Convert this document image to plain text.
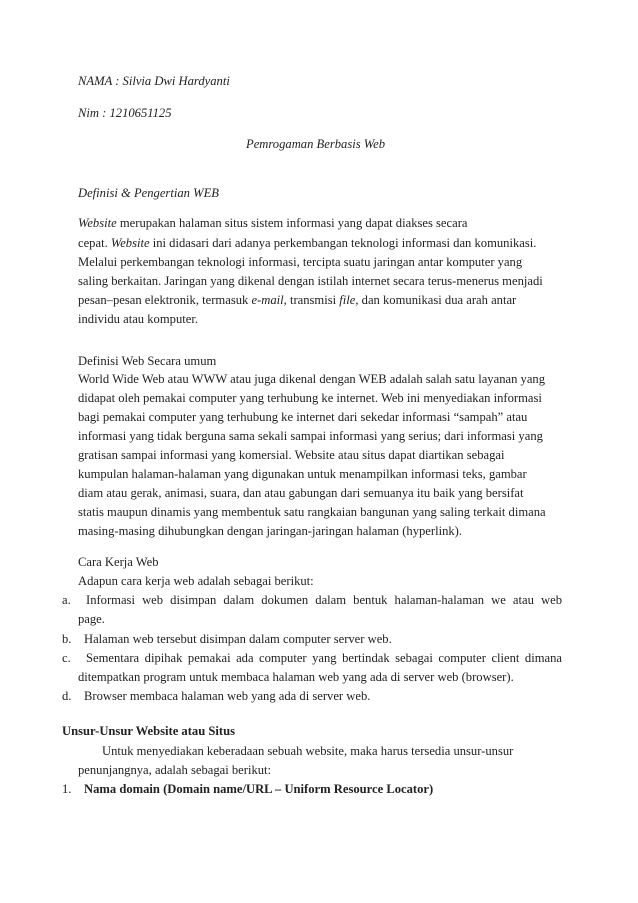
NAMA : Silvia Dwi Hardyanti
Nim : 1210651125
Pemrogaman Berbasis Web
Definisi & Pengertian WEB
Website merupakan halaman situs sistem informasi yang dapat diakses secara
cepat. Website ini didasari dari adanya perkembangan teknologi informasi dan komunikasi.
Melalui perkembangan teknologi informasi, tercipta suatu jaringan antar komputer yang
saling berkaitan. Jaringan yang dikenal dengan istilah internet secara terus-menerus menjadi
pesan–pesan elektronik, termasuk e-mail, transmisi file, dan komunikasi dua arah antar
individu atau komputer.
Definisi Web Secara umum
World Wide Web atau WWW atau juga dikenal dengan WEB adalah salah satu layanan yang
didapat oleh pemakai computer yang terhubung ke internet. Web ini menyediakan informasi
bagi pemakai computer yang terhubung ke internet dari sekedar informasi “sampah” atau
informasi yang tidak berguna sama sekali sampai informasi yang serius; dari informasi yang
gratisan sampai informasi yang komersial. Website atau situs dapat diartikan sebagai
kumpulan halaman-halaman yang digunakan untuk menampilkan informasi teks, gambar
diam atau gerak, animasi, suara, dan atau gabungan dari semuanya itu baik yang bersifat
statis maupun dinamis yang membentuk satu rangkaian bangunan yang saling terkait dimana
masing-masing dihubungkan dengan jaringan-jaringan halaman (hyperlink).
Cara Kerja Web
Adapun cara kerja web adalah sebagai berikut:
a. Informasi web disimpan dalam dokumen dalam bentuk halaman-halaman we atau web
page.
b. Halaman web tersebut disimpan dalam computer server web.
c. Sementara dipihak pemakai ada computer yang bertindak sebagai computer client dimana
ditempatkan program untuk membaca halaman web yang ada di server web (browser).
d. Browser membaca halaman web yang ada di server web.
Unsur-Unsur Website atau Situs
Untuk menyediakan keberadaan sebuah website, maka harus tersedia unsur-unsur
penunjangnya, adalah sebagai berikut:
1. Nama domain (Domain name/URL – Uniform Resource Locator)
